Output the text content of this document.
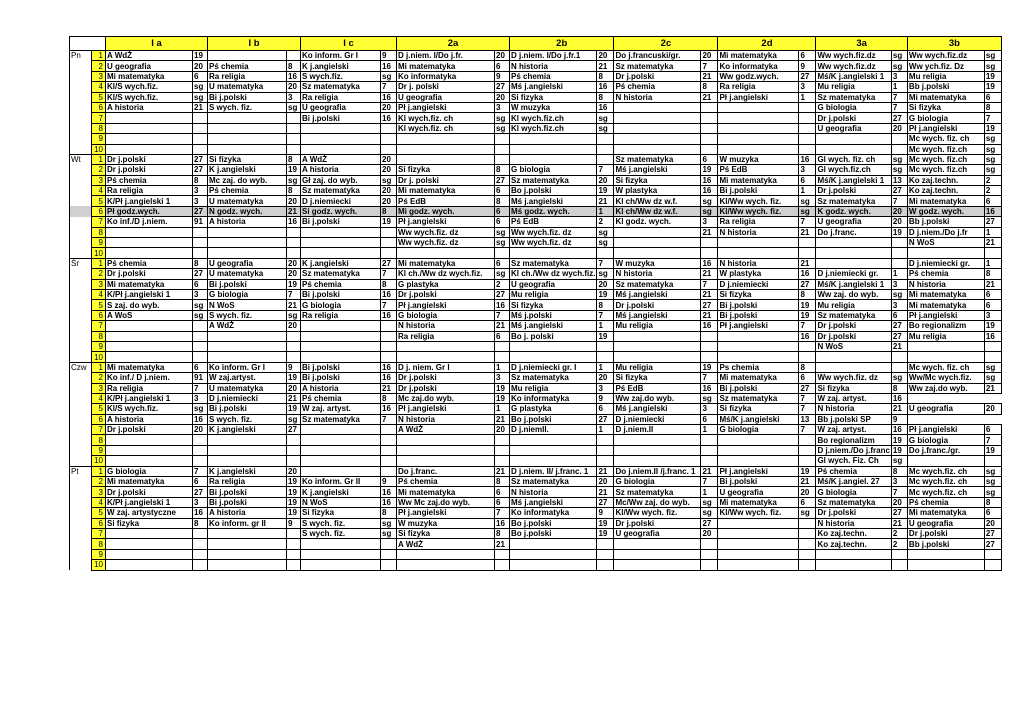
		I a		I b		I c		2a		2b		2c		2d		3a		3b	
Pn	1	A WdŻ	19			Ko inform. Gr I	9	D j.niem. I/Do j.fr.	20	D j.niem. I/Do j.fr.1	20	Do j.francuski/gr.	20	Mi matematyka	6	Ww wych.fiz.dz	sg	Ww wych.fiz.dz	sg
	2	U geografia	20	Pś chemia	8	K j.angielski	16	Mi matematyka	6	N historia	21	Sz matematyka	7	Ko informatyka	9	Ww wych.fiz.dz	sg	Ww ych.fiz. Dz	sg
	3	Mi matematyka	6	Ra religia	16	S wych.fiz.	sg	Ko informatyka	9	Pś chemia	8	Dr j.polski	21	Ww godz.wych.	27	Mś/K j.angielski 1	3	Mu religia	19
	4	Kl/S wych.fiz.	sg	U matematyka	20	Sz matematyka	7	Dr j. polski	27	Mś j.angielski	16	Pś chemia	8	Ra religia	3	Mu religia	1	Bb j.polski	19
	5	Kl/S wych.fiz.	sg	Bi j.polski	3	Ra religia	16	U geografia	20	Si fizyka	8	N historia	21	Pł j.angielski	1	Sz matematyka	7	Mi matematyka	6
	6	A historia	21	S wych. fiz.	sg	U geografia	20	Pł j.angielski	3	W muzyka	16					G biologia	7	Si fizyka	8
	7					Bi j.polski	16	Kl wych.fiz. ch	sg	Kl wych.fiz.ch	sg					Dr j.polski	27	G biologia	7
	8							Kl wych.fiz. ch	sg	Kl wych.fiz.ch	sg					U geografia	20	Pł j.angielski	19
	9																	Mc wych. fiz. ch	sg
	10																	Mc wych. fiz.ch	sg
Wt	1	Dr j.polski	27	Si fizyka	8	A WdŻ	20					Sz matematyka	6	W muzyka	16	Gl wych. fiz. ch	sg	Mc wych. fiz.ch	sg
	2	Dr j.polski	27	K j.angielski	19	A historia	20	Si fizyka	8	G biologia	7	Mś j.angielski	19	Pś EdB	3	Gl wych.fiz.ch	sg	Mc wych. fiz.ch	sg
	3	Pś chemia	8	Mc zaj. do wyb.	sg	Gł zaj. do wyb.	sg	Dr j. polski	27	Sz matematyka	20	Si fizyka	16	Mi matematyka	6	Mś/K j.angielski 1	13	Ko zaj.techn.	2
	4	Ra religia	3	Pś chemia	8	Sz matematyka	20	Mi matematyka	6	Bo j.polski	19	W plastyka	16	Bi j.polski	1	Dr j.polski	27	Ko zaj.techn.	2
	5	K/Pł j.angielski 1	3	U matematyka	20	D j.niemiecki	20	Pś EdB	8	Mś j.angielski	21	Kl ch/Ww dz w.f.	sg	Kl/Ww wych. fiz.	sg	Sz matematyka	7	Mi matematyka	6
	6	Pł godz.wych.	27	N godz. wych.	21	Si godz. wych.	8	Mi godz. wych.	6	Mś godz. wych.	1	Kl ch/Ww dz w.f.	sg	Kl/Ww wych. fiz.	sg	K godz. wych.	20	W godz. wych.	16
	7	Ko inf./D j.niem.	91	A historia	16	Bi j.polski	19	Pł j.angielski	6	Pś EdB	2	Kl godz. wych.	3	Ra religia	7	U geografia	20	Bb j.polski	27
	8							Ww wych.fiz. dz	sg	Ww wych.fiz. dz	sg		21	N historia	21	Do j.franc.	19	D j.niem./Do j.fr	1
	9							Ww wych.fiz. dz	sg	Ww wych.fiz. dz	sg							N WoS	21
	10																		
Śr	1	Pś chemia	8	U geografia	20	K j.angielski	27	Mi matematyka	6	Sz matematyka	7	W muzyka	16	N historia	21			D j.niemiecki gr.	1
	2	Dr j.polski	27	U matematyka	20	Sz matematyka	7	Kl ch./Ww dz wych.fiz.	sg	Kl ch./Ww dz wych.fiz.	sg	N historia	21	W plastyka	16	D j.niemiecki gr.	1	Pś chemia	8
	3	Mi matematyka	6	Bi j.polski	19	Pś chemia	8	G plastyka	2	U geografia	20	Sz matematyka	7	D j.niemiecki	27	Mś/K j.angielski 1	3	N historia	21
	4	K/Pł j.angielski 1	3	G biologia	7	Bi j.polski	16	Dr j.polski	27	Mu religia	19	Mś j.angielski	21	Si fizyka	8	Ww zaj. do wyb.	sg	Mi matematyka	6
	5	S zaj. do wyb.	sg	N WoS	21	G biologia	7	Pł j.angielski	16	Si fizyka	8	Dr j.polski	27	Bi j.polski	19	Mu religia	3	Mi matematyka	6
	6	A WoS	sg	S wych. fiz.	sg	Ra religia	16	G biologia	7	Mś j.polski	7	Mś j.angielski	21	Bi j.polski	19	Sz matematyka	6	Pł j.angielski	3
	7			A WdŻ	20			N historia	21	Mś j.angielski	1	Mu religia	16	Pł j.angielski	7	Dr j.polski	27	Bo regionalizm	19
	8							Ra religia	6	Bo j. polski	19				16	Dr j.polski	27	Mu religia	16
	9															N WoS	21		
	10																		
Czw	1	Mi matematyka	6	Ko inform. Gr I	9	Bi j.polski	16	D j. niem. Gr I	1	D j.niemiecki gr. I	1	Mu religia	19	Ps chemia	8			Mc wych. fiz. ch	sg
	2	Ko inf./ D j.niem.	91	W zaj.artyst.	19	Bi j.polski	16	Dr j.polski	3	Sz matematyka	20	Si fizyka	7	Mi matematyka	6	Ww wych.fiz. dz	sg	Ww/Mc wych.fiz.	sg
	3	Ra religia	7	U matematyka	20	A historia	21	Dr j.polski	19	Mu religia	3	Pś EdB	16	Bi j.polski	27	Si fizyka	8	Ww zaj.do wyb.	21
	4	K/Pł j.angielski 1	3	D j.niemiecki	21	Pś chemia	8	Mc zaj.do wyb.	19	Ko informatyka	9	Ww zaj.do wyb.	sg	Sz matematyka	7	W zaj. artyst.	16		
	5	Kl/S wych.fiz.	sg	Bi j.polski	19	W zaj. artyst.	16	Pł j.angielski	1	G plastyka	6	Mś j.angielski	3	Si fizyka	7	N historia	21	U geografia	20
	6	A historia	16	S wych. fiz.	sg	Sz matematyka	7	N historia	21	Bo j.polski	27	D j.niemiecki	6	Mś/K j.angielski	13	Bb j.polski SP	9		
	7	Dr j.polski	20	K j.angielski	27			A WdŻ	20	D j.niemII.	1	D j.niem.II	1	G biologia	7	W zaj. artyst.	16	Pł j.angielski	6
	8															Bo regionalizm	19	G biologia	7
	9															D j.niem./Do j.franc	19	Do j.franc./gr.	19
	10															Gl wych. Fiz. Ch	sg		
Pt	1	G biologia	7	K j.angielski	20			Do j.franc.	21	D j.niem. II/ j.franc. 1	21	Do j.niem.II /j.franc. 1	21	Pł j.angielski	19	Pś chemia	8	Mc wych.fiz. ch	sg
	2	Mi matematyka	6	Ra religia	19	Ko inform. Gr II	9	Pś chemia	8	Sz matematyka	20	G biologia	7	Bi j.polski	21	Mś/K j.angiel. 27	3	Mc wych.fiz. ch	sg
	3	Dr j.polski	27	Bi j.polski	19	K j.angielski	16	Mi matematyka	6	N historia	21	Sz matematyka	1	U geografia	20	G biologia	7	Mc wych.fiz. ch	sg
	4	K/Pł j.angielski 1	3	Bi j.polski	19	N WoS	16	Ww Mc zaj.do wyb.	6	Mś j.angielski	27	Mc/Ww zaj. do wyb.	sg	Mi matematyka	6	Sz matematyka	20	Pś chemia	8
	5	W zaj. artystyczne	16	A historia	19	Si fizyka	8	Pł j.angielski	7	Ko informatyka	9	Kl/Ww wych. fiz.	sg	Kl/Ww wych. fiz.	sg	Dr j.polski	27	Mi matematyka	6
	6	Si fizyka	8	Ko inform. gr II	9	S wych. fiz.	sg	W muzyka	16	Bo j.polski	19	Dr j.polski	27			N historia	21	U geografia	20
	7					S wych. fiz.	sg	Si fizyka	8	Bo j.polski	19	U geografia	20			Ko zaj.techn.	2	Dr j.polski	27
	8							A WdŻ	21							Ko zaj.techn.	2	Bb j.polski	27
	9																		
	10																		
